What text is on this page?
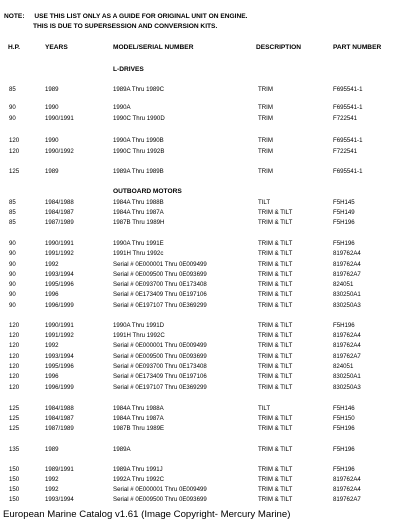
NOTE: USE THIS LIST ONLY AS A GUIDE FOR ORIGINAL UNIT ON ENGINE.
THIS IS DUE TO SUPERSESSION AND CONVERSION KITS.
H.P.	YEARS	MODEL/SERIAL NUMBER	DESCRIPTION	PART NUMBER
L-DRIVES
OUTBOARD MOTORS
85	1989	1989A Thru 1989C	TRIM	F695541-1
90	1990	1990A	TRIM	F695541-1
90	1990/1991	1990C Thru 1990D	TRIM	F722541
120	1990	1990A Thru 1990B	TRIM	F695541-1
120	1990/1992	1990C Thru 1992B	TRIM	F722541
125	1989	1989A Thru 1989B	TRIM	F695541-1
85	1984/1988	1984A Thru 1988B	TILT	F5H145
85	1984/1987	1984A Thru 1987A	TRIM & TILT	F5H149
85	1987/1989	1987B Thru 1989H	TRIM & TILT	F5H196
90	1990/1991	1990A Thru 1991E	TRIM & TILT	F5H196
90	1991/1992	1991H Thru 1992c	TRIM & TILT	819762A4
90	1992	Serial # 0E000001 Thru 0E009499	TRIM & TILT	819762A4
90	1993/1994	Serial # 0E009500 Thru 0E093699	TRIM & TILT	819762A7
90	1995/1996	Serial # 0E093700 Thru 0E173408	TRIM & TILT	824051
90	1996	Serial # 0E173409 Thru 0E197106	TRIM & TILT	830250A1
90	1996/1999	Serial # 0E197107 Thru 0E369299	TRIM & TILT	830250A3
120	1990/1991	1990A Thru 1991D	TRIM & TILT	F5H196
120	1991/1992	1991H Thru 1992C	TRIM & TILT	819762A4
120	1992	Serial # 0E000001 Thru 0E009499	TRIM & TILT	819762A4
120	1993/1994	Serial # 0E009500 Thru 0E093699	TRIM & TILT	819762A7
120	1995/1996	Serial # 0E093700 Thru 0E173408	TRIM & TILT	824051
120	1996	Serial # 0E173409 Thru 0E197106	TRIM & TILT	830250A1
120	1996/1999	Serial # 0E197107 Thru 0E369299	TRIM & TILT	830250A3
125	1984/1988	1984A Thru 1988A	TILT	F5H146
125	1984/1987	1984A Thru 1987A	TRIM & TILT	F5H150
125	1987/1989	1987B Thru 1989E	TRIM & TILT	F5H196
135	1989	1989A	TRIM & TILT	F5H196
150	1989/1991	1989A Thru 1991J	TRIM & TILT	F5H196
150	1992	1992A Thru 1992C	TRIM & TILT	819762A4
150	1992	Serial # 0E000001 Thru 0E009499	TRIM & TILT	819762A4
150	1993/1994	Serial # 0E009500 Thru 0E093699	TRIM & TILT	819762A7
European Marine Catalog v1.61 (Image Copyright- Mercury Marine)
